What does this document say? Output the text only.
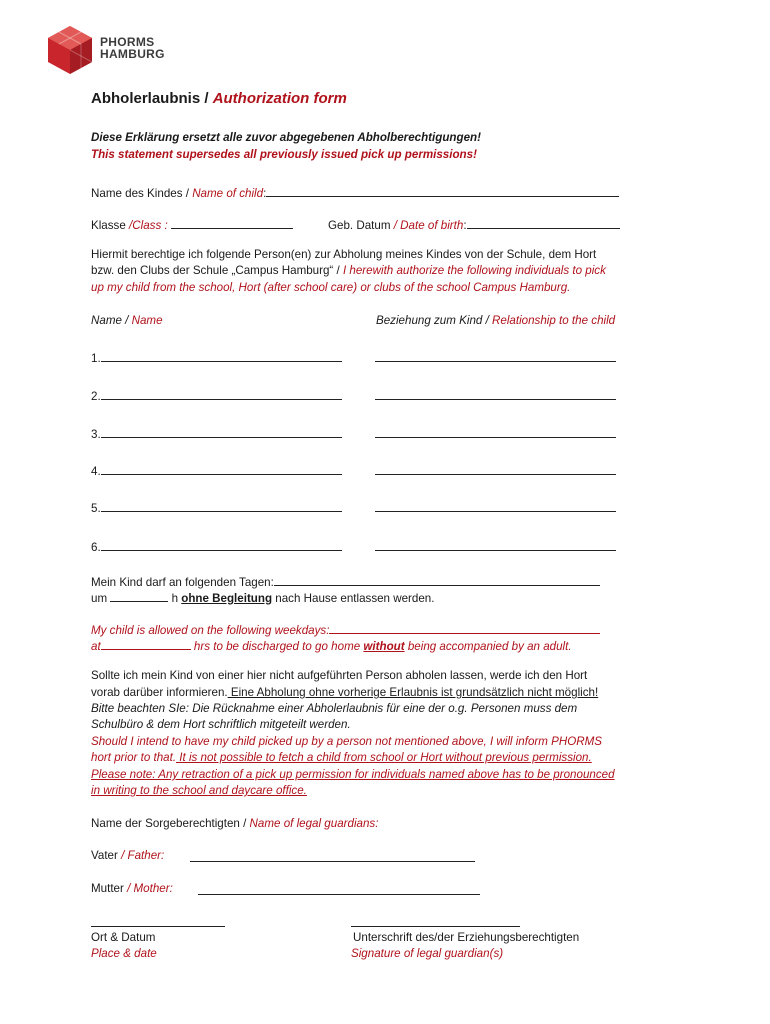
PHORMS
HAMBURG
Abholerlaubnis / Authorization form
Diese Erklärung ersetzt alle zuvor abgegebenen Abholberechtigungen!
This statement supersedes all previously issued pick up permissions!
Name des Kindes / Name of child:
Klasse /Class :	Geb. Datum / Date of birth:
Hiermit berechtige ich folgende Person(en) zur Abholung meines Kindes von der Schule, dem Hort
bzw. den Clubs der Schule „Campus Hamburg“ / I herewith authorize the following individuals to pick
up my child from the school, Hort (after school care) or clubs of the school Campus Hamburg.
Name / Name	Beziehung zum Kind / Relationship to the child
1.
2.
3.
4.
5.
6.
Mein Kind darf an folgenden Tagen:
um	h ohne Begleitung nach Hause entlassen werden.
My child is allowed on the following weekdays:
at	hrs to be discharged to go home without being accompanied by an adult.
Sollte ich mein Kind von einer hier nicht aufgeführten Person abholen lassen, werde ich den Hort
vorab darüber informieren. Eine Abholung ohne vorherige Erlaubnis ist grundsätzlich nicht möglich!
Bitte beachten SIe: Die Rücknahme einer Abholerlaubnis für eine der o.g. Personen muss dem
Schulbüro & dem Hort schriftlich mitgeteilt werden.
Should I intend to have my child picked up by a person not mentioned above, I will inform PHORMS
hort prior to that. It is not possible to fetch a child from school or Hort without previous permission.
Please note: Any retraction of a pick up permission for individuals named above has to be pronounced
in writing to the school and daycare office.
Name der Sorgeberechtigten / Name of legal guardians:
Vater / Father:
Mutter / Mother:
Ort & Datum
Place & date
Unterschrift des/der Erziehungsberechtigten
Signature of legal guardian(s)
